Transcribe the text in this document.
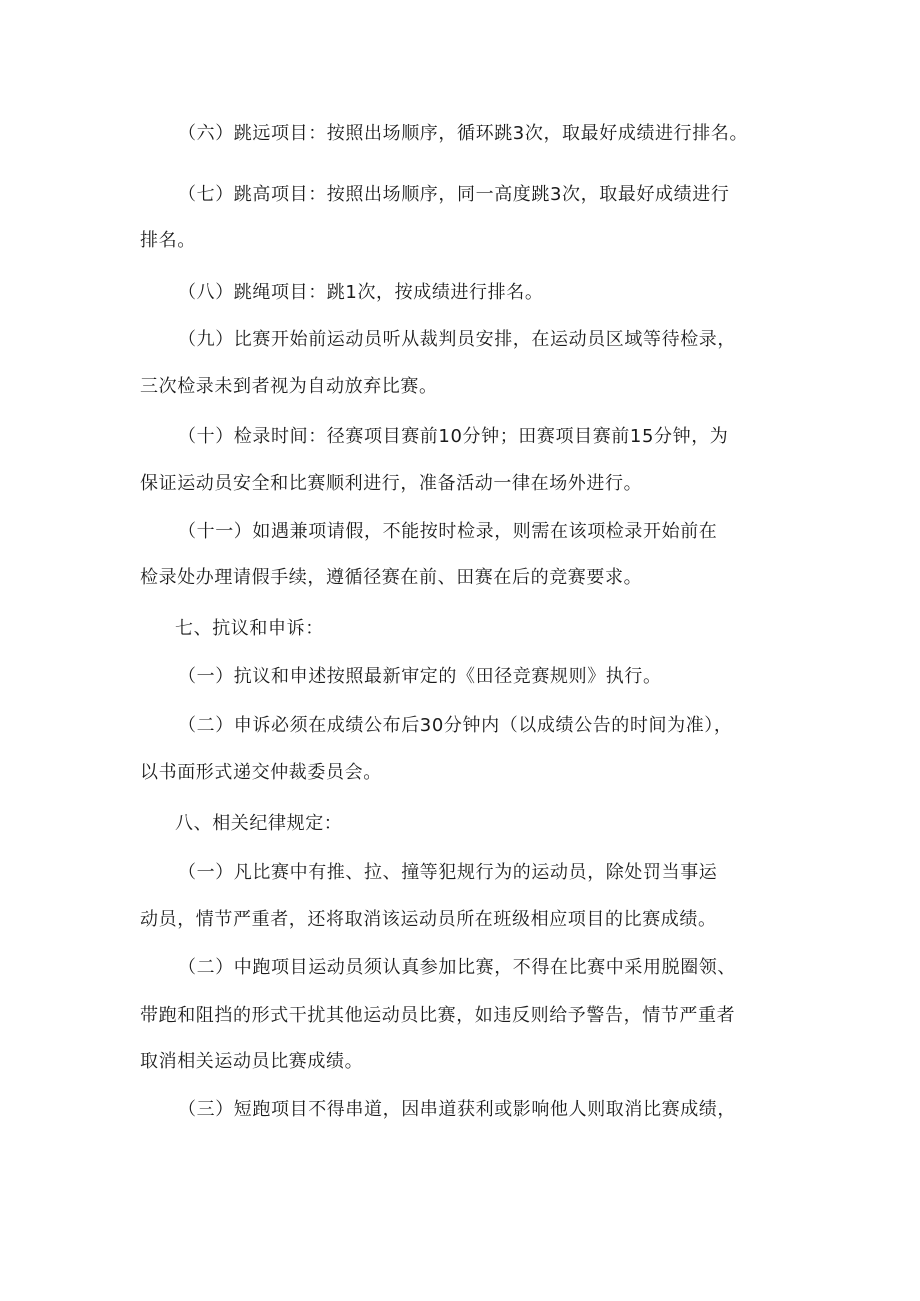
（六）跳远项目：按照出场顺序，循环跳3次，取最好成绩进行排名。
（七）跳高项目：按照出场顺序，同一高度跳3次，取最好成绩进行
排名。
（八）跳绳项目：跳1次，按成绩进行排名。
（九）比赛开始前运动员听从裁判员安排，在运动员区域等待检录，
三次检录未到者视为自动放弃比赛。
（十）检录时间：径赛项目赛前10分钟；田赛项目赛前15分钟，为
保证运动员安全和比赛顺利进行，准备活动一律在场外进行。
（十一）如遇兼项请假，不能按时检录，则需在该项检录开始前在
检录处办理请假手续，遵循径赛在前、田赛在后的竞赛要求。
七、抗议和申诉：
（一）抗议和申述按照最新审定的《田径竞赛规则》执行。
（二）申诉必须在成绩公布后30分钟内（以成绩公告的时间为准），
以书面形式递交仲裁委员会。
八、相关纪律规定：
（一）凡比赛中有推、拉、撞等犯规行为的运动员，除处罚当事运
动员，情节严重者，还将取消该运动员所在班级相应项目的比赛成绩。
（二）中跑项目运动员须认真参加比赛，不得在比赛中采用脱圈领、
带跑和阻挡的形式干扰其他运动员比赛，如违反则给予警告，情节严重者
取消相关运动员比赛成绩。
（三）短跑项目不得串道，因串道获利或影响他人则取消比赛成绩，
